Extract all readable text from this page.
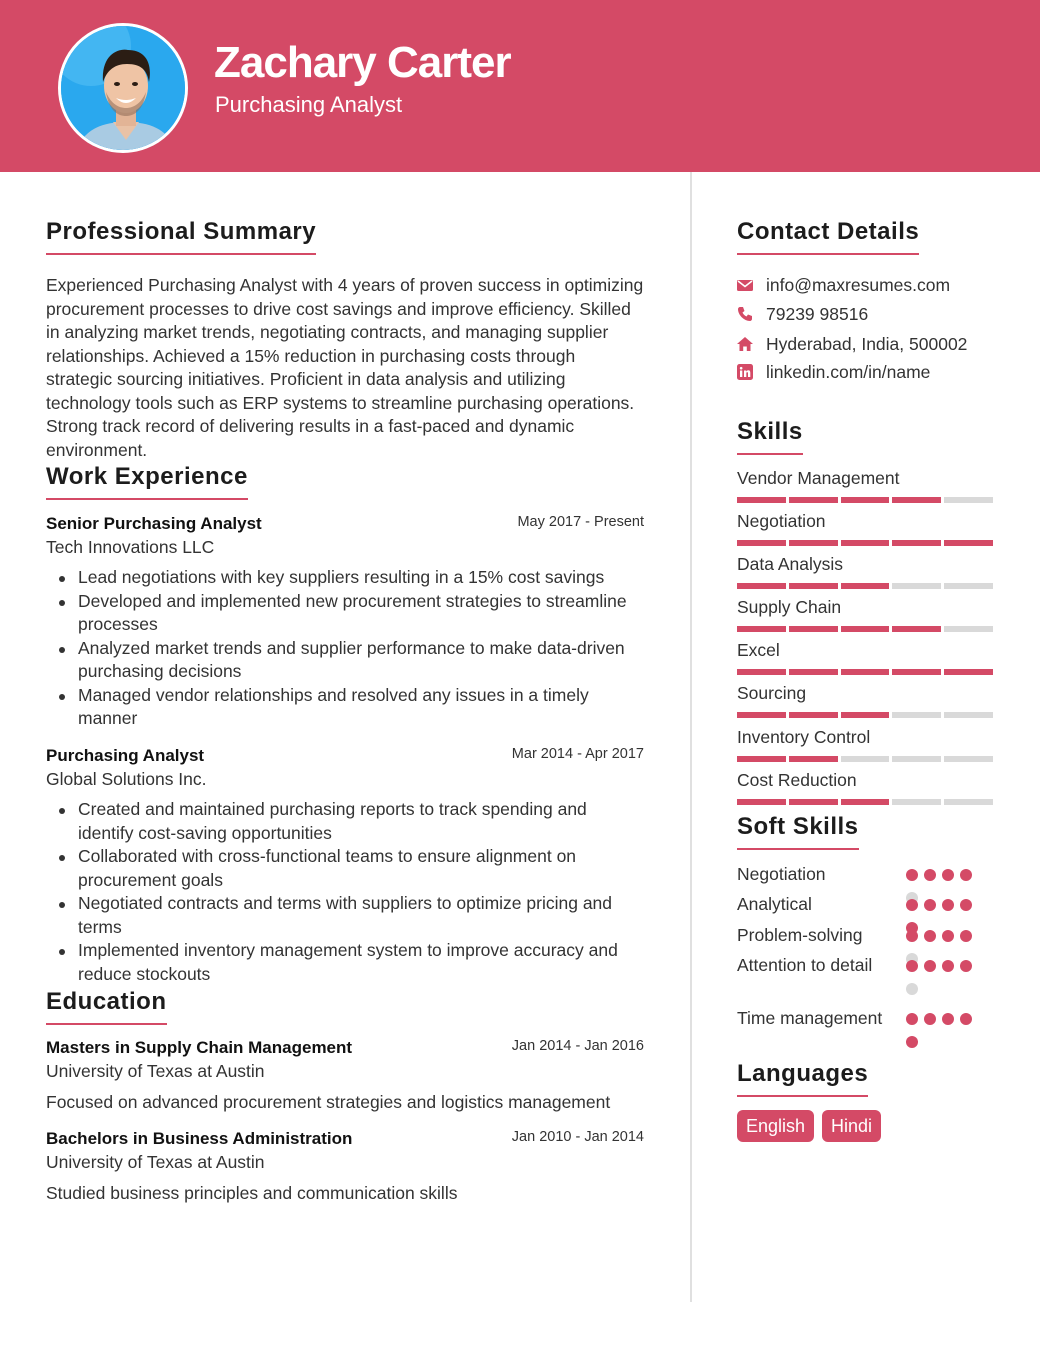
Zachary Carter
Purchasing Analyst
Professional Summary
Experienced Purchasing Analyst with 4 years of proven success in optimizing procurement processes to drive cost savings and improve efficiency. Skilled in analyzing market trends, negotiating contracts, and managing supplier relationships. Achieved a 15% reduction in purchasing costs through strategic sourcing initiatives. Proficient in data analysis and utilizing technology tools such as ERP systems to streamline purchasing operations. Strong track record of delivering results in a fast-paced and dynamic environment.
Work Experience
Senior Purchasing Analyst	May 2017 - Present
Tech Innovations LLC
Lead negotiations with key suppliers resulting in a 15% cost savings
Developed and implemented new procurement strategies to streamline processes
Analyzed market trends and supplier performance to make data-driven purchasing decisions
Managed vendor relationships and resolved any issues in a timely manner
Purchasing Analyst	Mar 2014 - Apr 2017
Global Solutions Inc.
Created and maintained purchasing reports to track spending and identify cost-saving opportunities
Collaborated with cross-functional teams to ensure alignment on procurement goals
Negotiated contracts and terms with suppliers to optimize pricing and terms
Implemented inventory management system to improve accuracy and reduce stockouts
Education
Masters in Supply Chain Management	Jan 2014 - Jan 2016
University of Texas at Austin
Focused on advanced procurement strategies and logistics management
Bachelors in Business Administration	Jan 2010 - Jan 2014
University of Texas at Austin
Studied business principles and communication skills
Contact Details
info@maxresumes.com
79239 98516
Hyderabad, India, 500002
linkedin.com/in/name
Skills
Vendor Management
Negotiation
Data Analysis
Supply Chain
Excel
Sourcing
Inventory Control
Cost Reduction
Soft Skills
Negotiation
Analytical
Problem-solving
Attention to detail
Time management
Languages
English	Hindi
